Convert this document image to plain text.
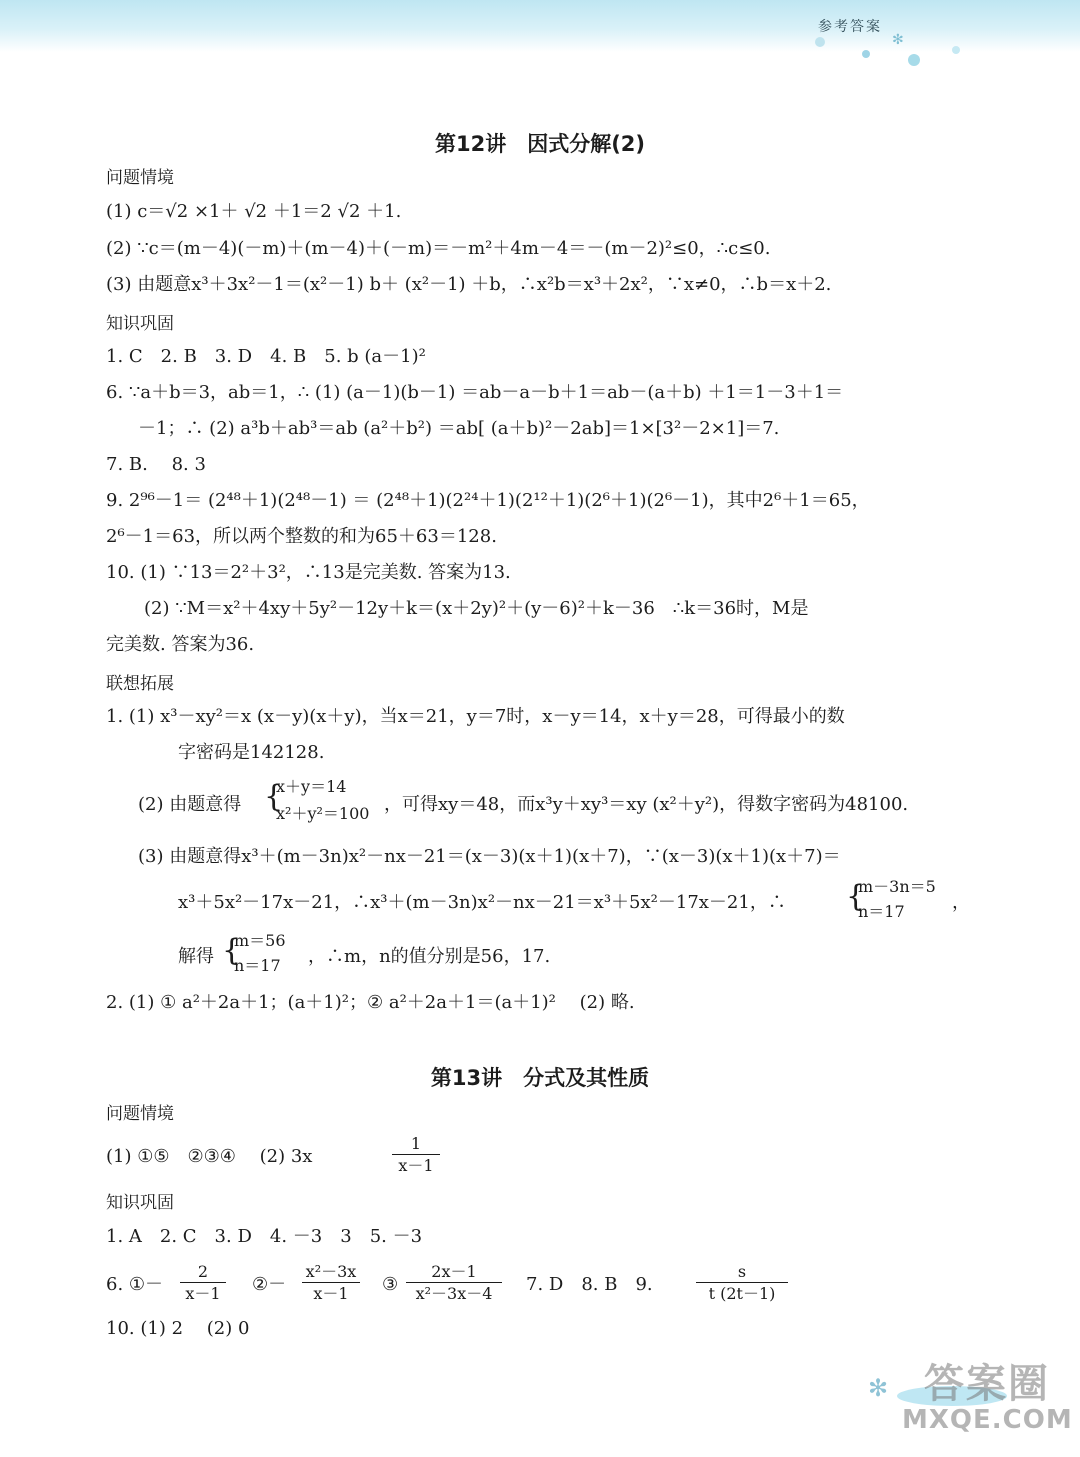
参考答案
✻
第12讲　因式分解(2)
问题情境
(1) c＝√2 ×1＋ √2 ＋1＝2 √2 ＋1.
(2) ∵c＝(m－4)(－m)＋(m－4)＋(－m)＝－m²＋4m－4＝－(m－2)²≤0，∴c≤0.
(3) 由题意x³＋3x²－1＝(x²－1) b＋ (x²－1) ＋b，∴x²b＝x³＋2x²，∵x≠0，∴b＝x＋2.
知识巩固
1. C　2. B　3. D　4. B　5. b (a－1)²
6. ∵a＋b＝3，ab＝1，∴ (1) (a－1)(b－1) ＝ab－a－b＋1＝ab－(a＋b) ＋1＝1－3＋1＝
－1；∴ (2) a³b＋ab³＝ab (a²＋b²) ＝ab[ (a＋b)²－2ab]＝1×[3²－2×1]＝7.
7. B.　 8. 3
9. 2⁹⁶－1＝ (2⁴⁸＋1)(2⁴⁸－1) ＝ (2⁴⁸＋1)(2²⁴＋1)(2¹²＋1)(2⁶＋1)(2⁶－1)，其中2⁶＋1＝65，
2⁶－1＝63，所以两个整数的和为65＋63＝128.
10. (1) ∵13＝2²＋3²，∴13是完美数. 答案为13.
(2) ∵M＝x²＋4xy＋5y²－12y＋k＝(x＋2y)²＋(y－6)²＋k－36　∴k＝36时，M是
完美数. 答案为36.
联想拓展
1. (1) x³－xy²＝x (x－y)(x＋y)，当x＝21，y＝7时，x－y＝14，x＋y＝28，可得最小的数
字密码是142128.
(2) 由题意得 {
x＋y＝14
x²＋y²＝100 ，可得xy＝48，而x³y＋xy³＝xy (x²＋y²)，得数字密码为48100.
(3) 由题意得x³＋(m－3n)x²－nx－21＝(x－3)(x＋1)(x＋7)，∵(x－3)(x＋1)(x＋7)＝
x³＋5x²－17x－21，∴x³＋(m－3n)x²－nx－21＝x³＋5x²－17x－21，∴ {
m－3n＝5
n＝17	，
解得 {
m＝56
n＝17 ，∴m，n的值分别是56，17.
2. (1) ① a²＋2a＋1；(a＋1)²；② a²＋2a＋1＝(a＋1)²　 (2) 略.
第13讲　分式及其性质
问题情境
(1) ①⑤　②③④　 (2) 3x
1
x－1
知识巩固
1. A　2. C　3. D　4. －3　3　5. －3
6. ①－
2
x－1 ②－
x²－3x
x－1	③
2x－1
x²－3x－4	7. D　8. B　9.
s
t (2t－1)
10. (1) 2　 (2) 0
✻ 答案圈
MXQE.COM
